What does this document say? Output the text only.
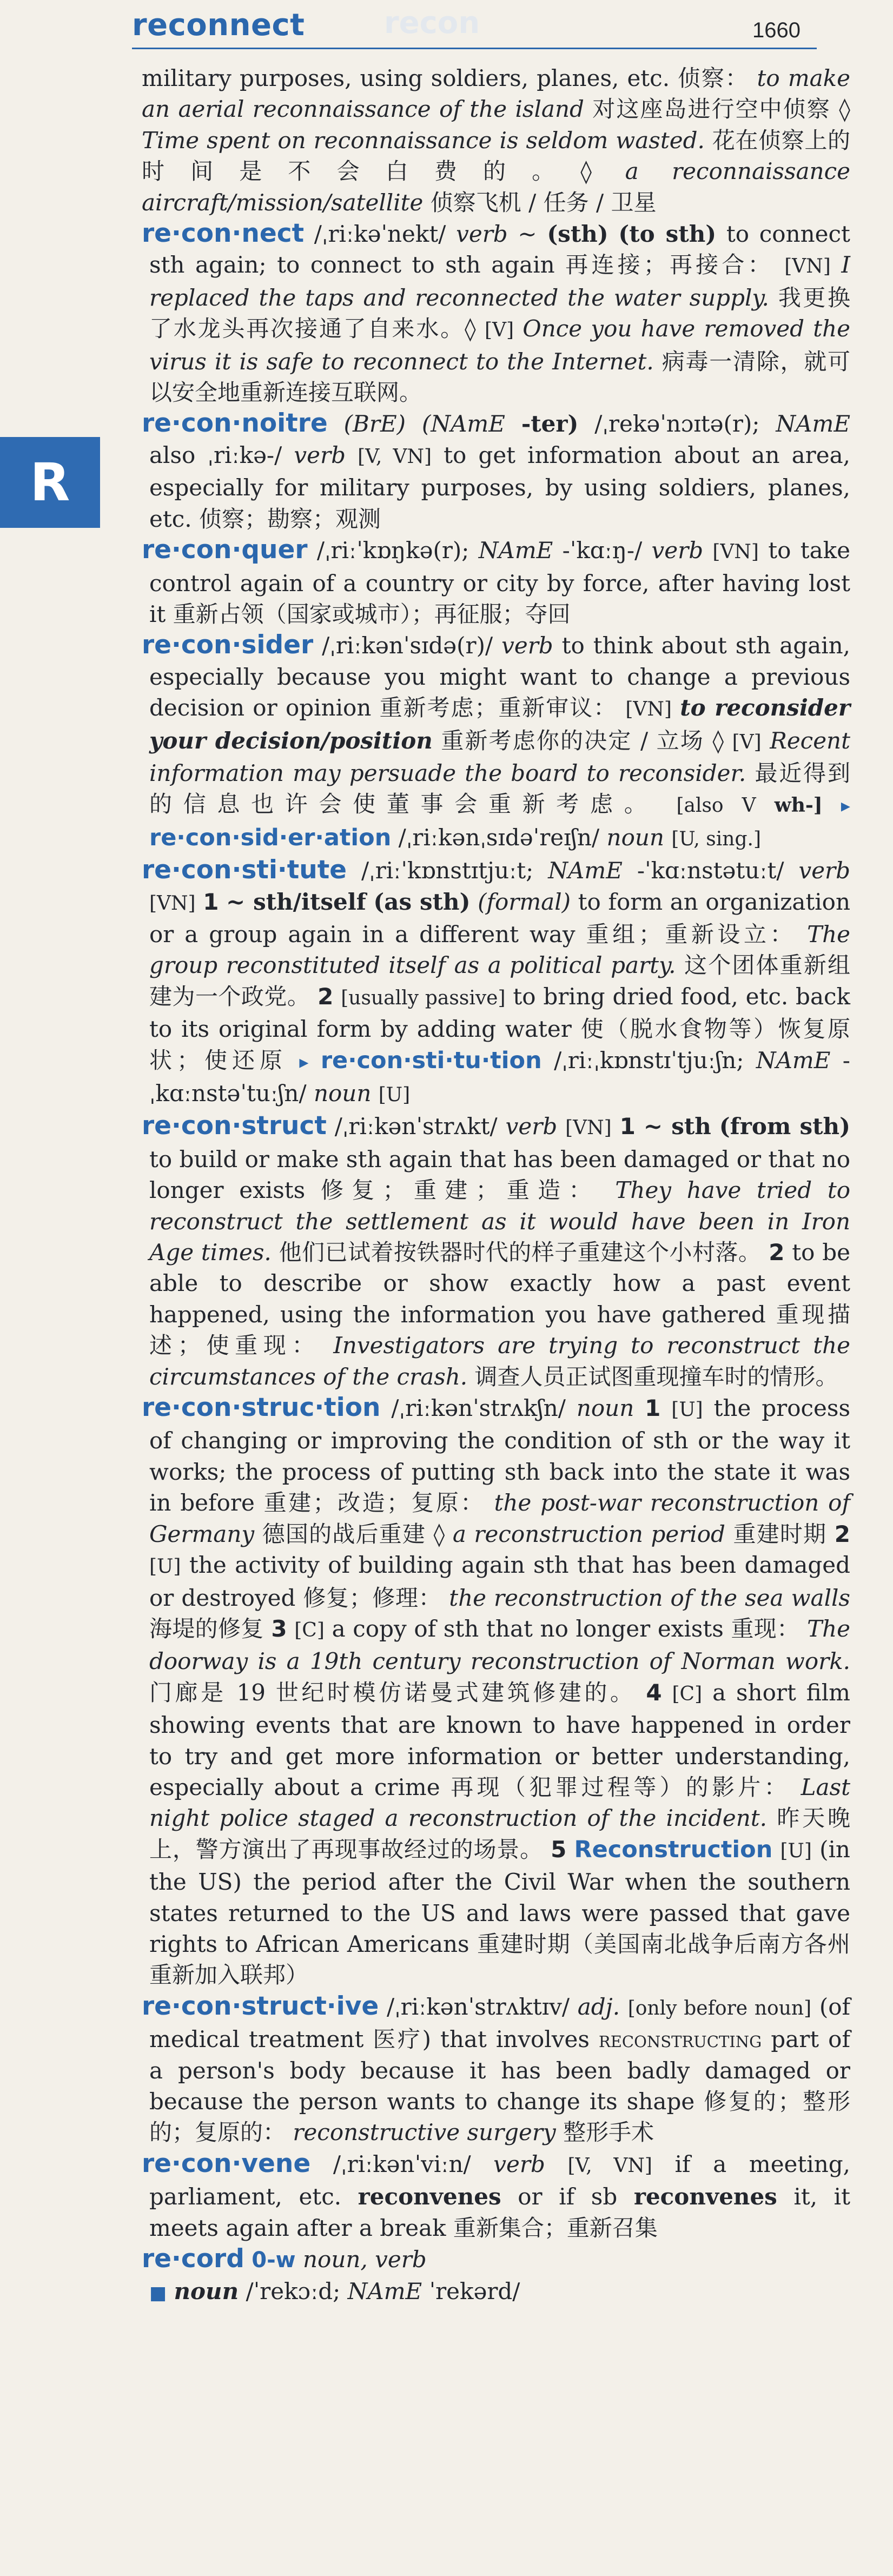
recon
reconnect	1660
R

military purposes, using soldiers, planes, etc. 侦察： to make an aerial reconnaissance of the island 对这座岛进行空中侦察 ◊ Time spent on reconnaissance is seldom wasted. 花在侦察上的时间是不会白费的。◊ a reconnaissance aircraft/mission/satellite 侦察飞机 / 任务 / 卫星

re·con·nect /ˌriːkəˈnekt/ verb ~ (sth) (to sth) to connect sth again; to connect to sth again 再连接；再接合： [VN] I replaced the taps and reconnected the water supply. 我更换了水龙头再次接通了自来水。◊ [V] Once you have removed the virus it is safe to reconnect to the Internet. 病毒一清除，就可以安全地重新连接互联网。

re·con·noitre (BrE) (NAmE -ter) /ˌrekəˈnɔɪtə(r); NAmE also ˌriːkə-/ verb [V, VN] to get information about an area, especially for military purposes, by using soldiers, planes, etc. 侦察；勘察；观测

re·con·quer /ˌriːˈkɒŋkə(r); NAmE -ˈkɑːŋ-/ verb [VN] to take control again of a country or city by force, after having lost it 重新占领（国家或城市）；再征服；夺回

re·con·sider /ˌriːkənˈsɪdə(r)/ verb to think about sth again, especially because you might want to change a previous decision or opinion 重新考虑；重新审议： [VN] to reconsider your decision/position 重新考虑你的决定 / 立场 ◊ [V] Recent information may persuade the board to reconsider. 最近得到的信息也许会使董事会重新考虑。 [also V wh-] ▸ re·con·sid·er·ation /ˌriːkənˌsɪdəˈreɪʃn/ noun [U, sing.]

re·con·sti·tute /ˌriːˈkɒnstɪtjuːt; NAmE -ˈkɑːnstətuːt/ verb [VN] 1 ~ sth/itself (as sth) (formal) to form an organization or a group again in a different way 重组；重新设立： The group reconstituted itself as a political party. 这个团体重新组建为一个政党。 2 [usually passive] to bring dried food, etc. back to its original form by adding water 使（脱水食物等）恢复原状；使还原 ▸ re·con·sti·tu·tion /ˌriːˌkɒnstɪˈtjuːʃn; NAmE -ˌkɑːnstəˈtuːʃn/ noun [U]

re·con·struct /ˌriːkənˈstrʌkt/ verb [VN] 1 ~ sth (from sth) to build or make sth again that has been damaged or that no longer exists 修复；重建；重造： They have tried to reconstruct the settlement as it would have been in Iron Age times. 他们已试着按铁器时代的样子重建这个小村落。 2 to be able to describe or show exactly how a past event happened, using the information you have gathered 重现描述；使重现： Investigators are trying to reconstruct the circumstances of the crash. 调查人员正试图重现撞车时的情形。

re·con·struc·tion /ˌriːkənˈstrʌkʃn/ noun 1 [U] the process of changing or improving the condition of sth or the way it works; the process of putting sth back into the state it was in before 重建；改造；复原： the post-war reconstruction of Germany 德国的战后重建 ◊ a reconstruction period 重建时期 2 [U] the activity of building again sth that has been damaged or destroyed 修复；修理： the reconstruction of the sea walls 海堤的修复 3 [C] a copy of sth that no longer exists 重现： The doorway is a 19th century reconstruction of Norman work. 门廊是 19 世纪时模仿诺曼式建筑修建的。 4 [C] a short film showing events that are known to have happened in order to try and get more information or better understanding, especially about a crime 再现（犯罪过程等）的影片： Last night police staged a reconstruction of the incident. 昨天晚上，警方演出了再现事故经过的场景。 5 Reconstruction [U] (in the US) the period after the Civil War when the southern states returned to the US and laws were passed that gave rights to African Americans 重建时期（美国南北战争后南方各州重新加入联邦）

re·con·struct·ive /ˌriːkənˈstrʌktɪv/ adj. [only before noun] (of medical treatment 医疗) that involves reconstructing part of a person's body because it has been badly damaged or because the person wants to change its shape 修复的；整形的；复原的： reconstructive surgery 整形手术

re·con·vene /ˌriːkənˈviːn/ verb [V, VN] if a meeting, parliament, etc. reconvenes or if sb reconvenes it, it meets again after a break 重新集合；重新召集

re·cord 0‑w noun, verb
■ noun /ˈrekɔːd; NAmE ˈrekərd/
